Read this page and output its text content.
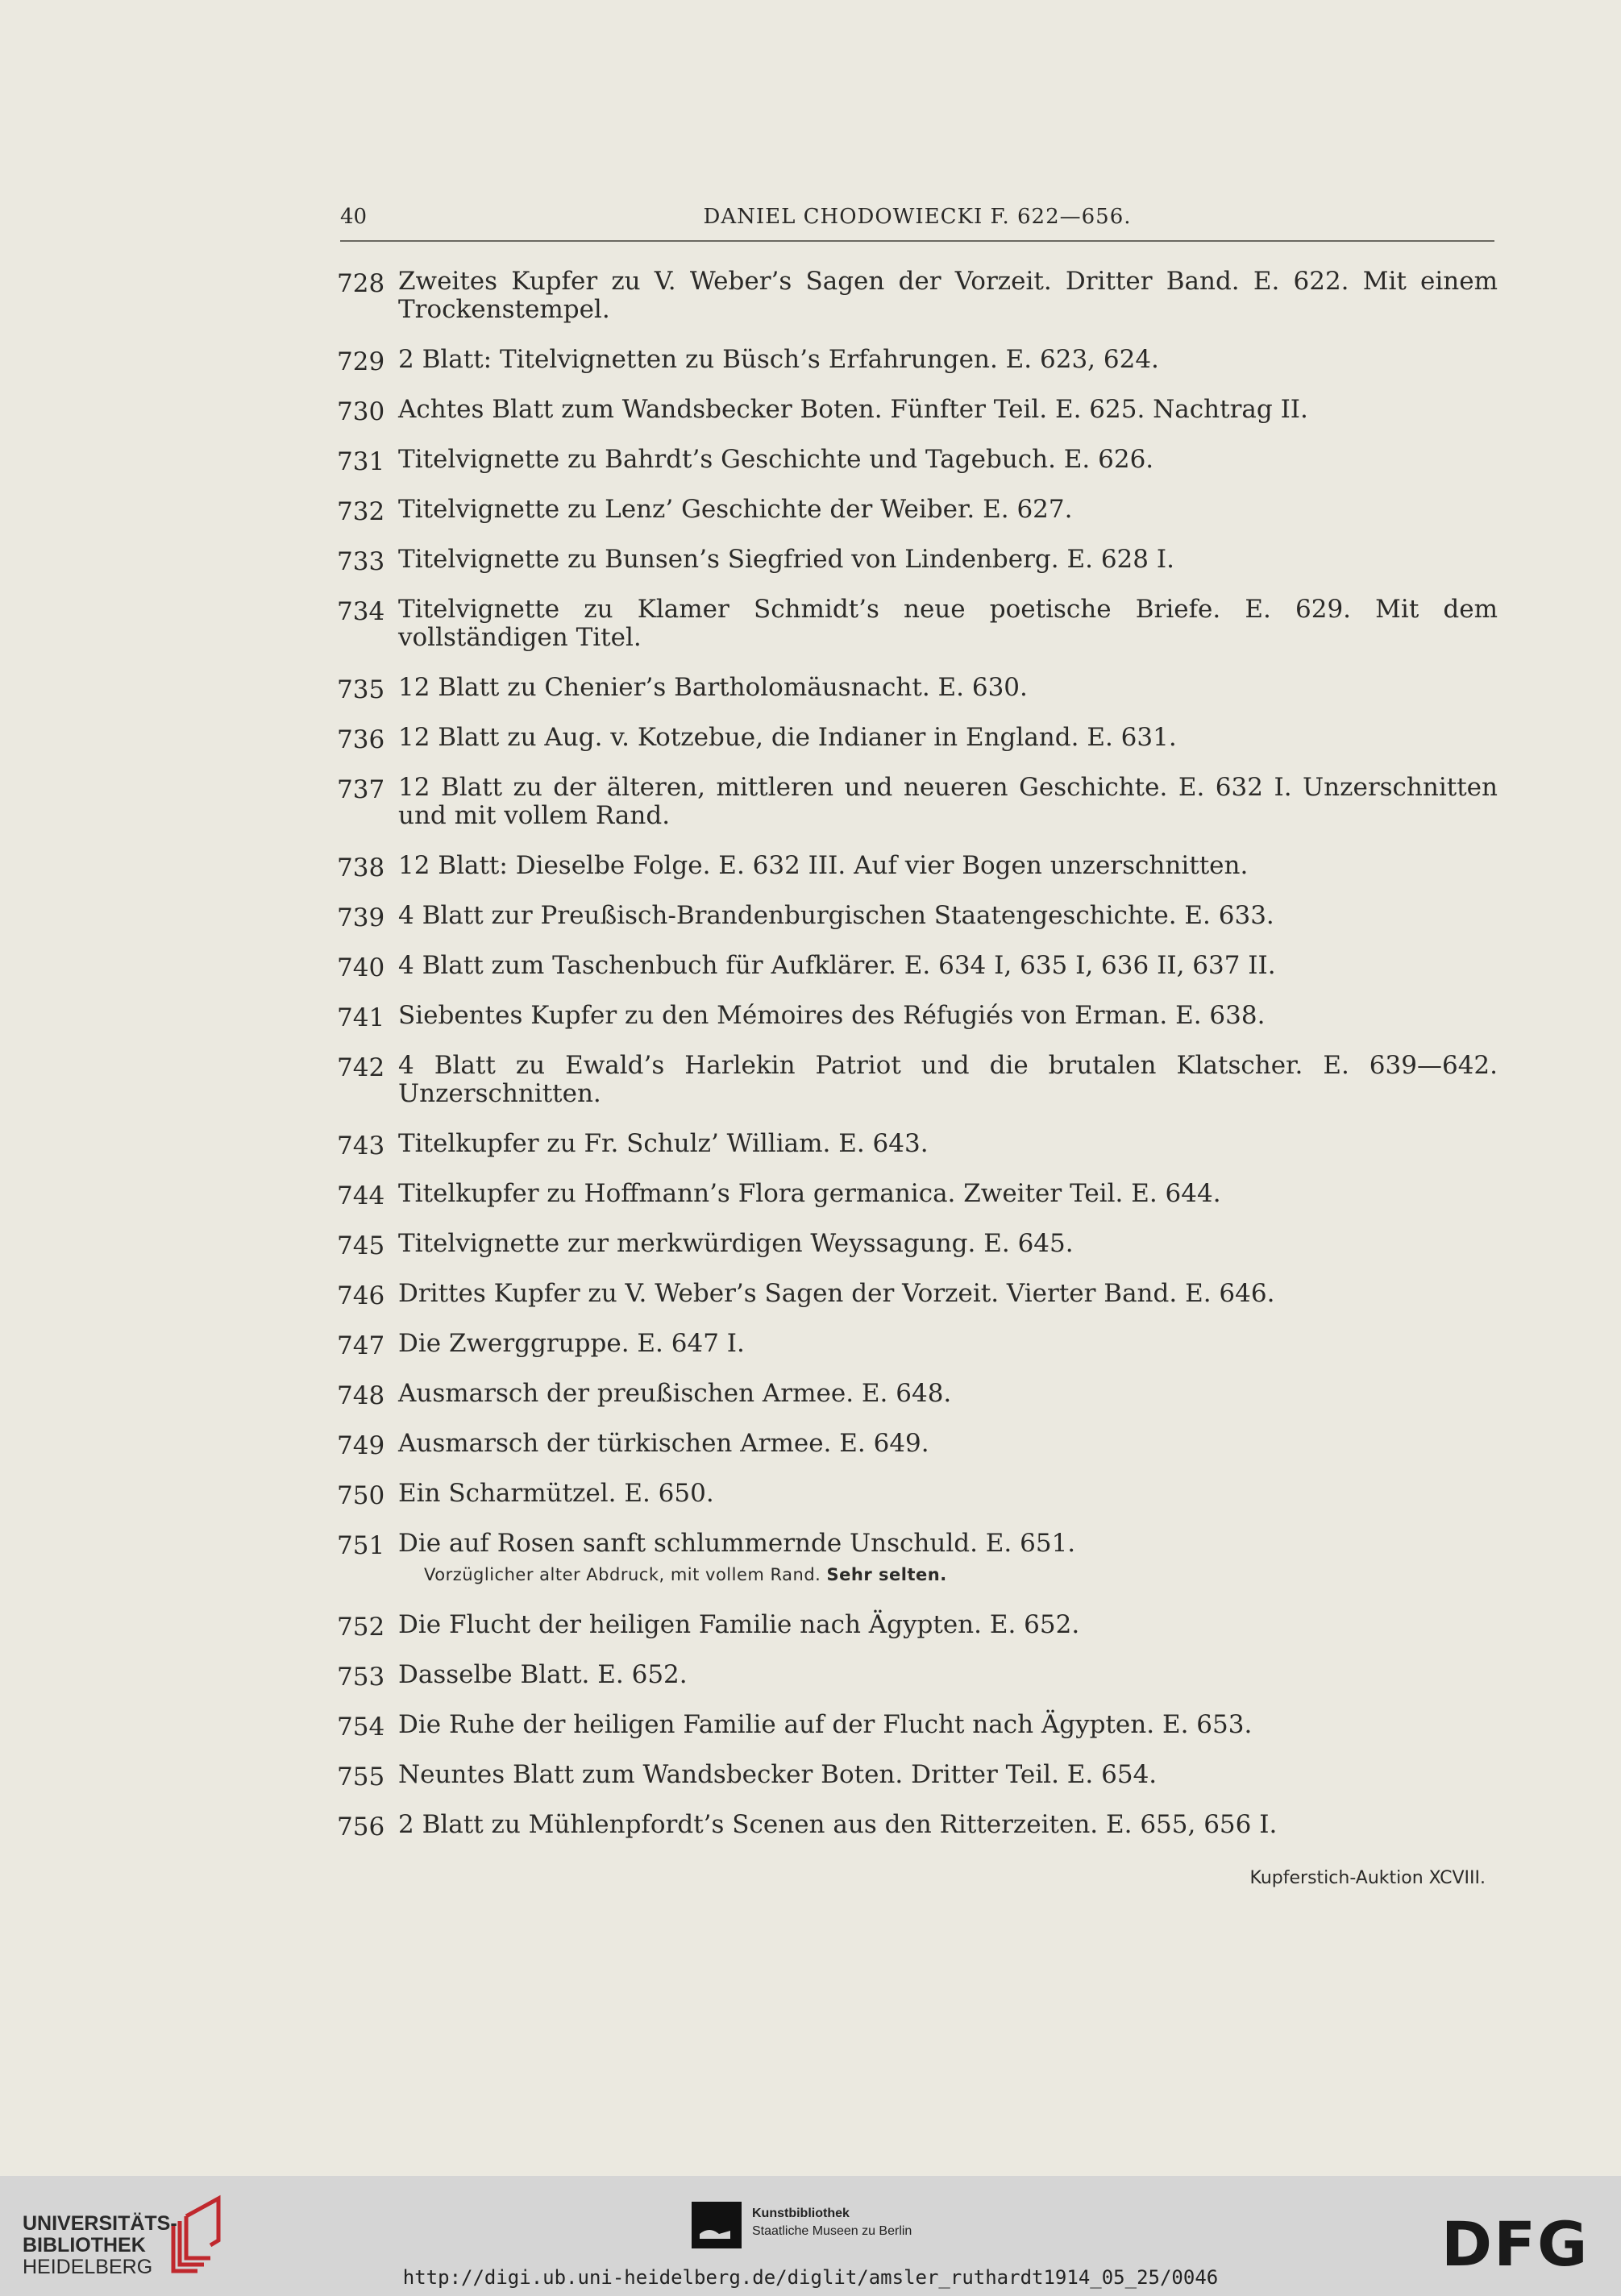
40	DANIEL CHODOWIECKI F. 622—656.
728 Zweites Kupfer zu V. Weber’s Sagen der Vorzeit. Dritter Band. E. 622. Mit einem Trockenstempel.
729 2 Blatt: Titelvignetten zu Büsch’s Erfahrungen. E. 623, 624.
730 Achtes Blatt zum Wandsbecker Boten. Fünfter Teil. E. 625. Nachtrag II.
731 Titelvignette zu Bahrdt’s Geschichte und Tagebuch. E. 626.
732 Titelvignette zu Lenz’ Geschichte der Weiber. E. 627.
733 Titelvignette zu Bunsen’s Siegfried von Lindenberg. E. 628 I.
734 Titelvignette zu Klamer Schmidt’s neue poetische Briefe. E. 629. Mit dem vollständigen Titel.
735 12 Blatt zu Chenier’s Bartholomäusnacht. E. 630.
736 12 Blatt zu Aug. v. Kotzebue, die Indianer in England. E. 631.
737 12 Blatt zu der älteren, mittleren und neueren Geschichte. E. 632 I. Unzerschnitten und mit vollem Rand.
738 12 Blatt: Dieselbe Folge. E. 632 III. Auf vier Bogen unzerschnitten.
739 4 Blatt zur Preußisch-Brandenburgischen Staatengeschichte. E. 633.
740 4 Blatt zum Taschenbuch für Aufklärer. E. 634 I, 635 I, 636 II, 637 II.
741 Siebentes Kupfer zu den Mémoires des Réfugiés von Erman. E. 638.
742 4 Blatt zu Ewald’s Harlekin Patriot und die brutalen Klatscher. E. 639—642. Unzerschnitten.
743 Titelkupfer zu Fr. Schulz’ William. E. 643.
744 Titelkupfer zu Hoffmann’s Flora germanica. Zweiter Teil. E. 644.
745 Titelvignette zur merkwürdigen Weyssagung. E. 645.
746 Drittes Kupfer zu V. Weber’s Sagen der Vorzeit. Vierter Band. E. 646.
747 Die Zwerggruppe. E. 647 I.
748 Ausmarsch der preußischen Armee. E. 648.
749 Ausmarsch der türkischen Armee. E. 649.
750 Ein Scharmützel. E. 650.
751 Die auf Rosen sanft schlummernde Unschuld. E. 651.
Vorzüglicher alter Abdruck, mit vollem Rand. Sehr selten.
752 Die Flucht der heiligen Familie nach Ägypten. E. 652.
753 Dasselbe Blatt. E. 652.
754 Die Ruhe der heiligen Familie auf der Flucht nach Ägypten. E. 653.
755 Neuntes Blatt zum Wandsbecker Boten. Dritter Teil. E. 654.
756 2 Blatt zu Mühlenpfordt’s Scenen aus den Ritterzeiten. E. 655, 656 I.
Kupferstich-Auktion XCVIII.
UNIVERSITÄTS-
BIBLIOTHEK
HEIDELBERG
Kunstbibliothek
Staatliche Museen zu Berlin	DFG
http://digi.ub.uni-heidelberg.de/diglit/amsler_ruthardt1914_05_25/0046
